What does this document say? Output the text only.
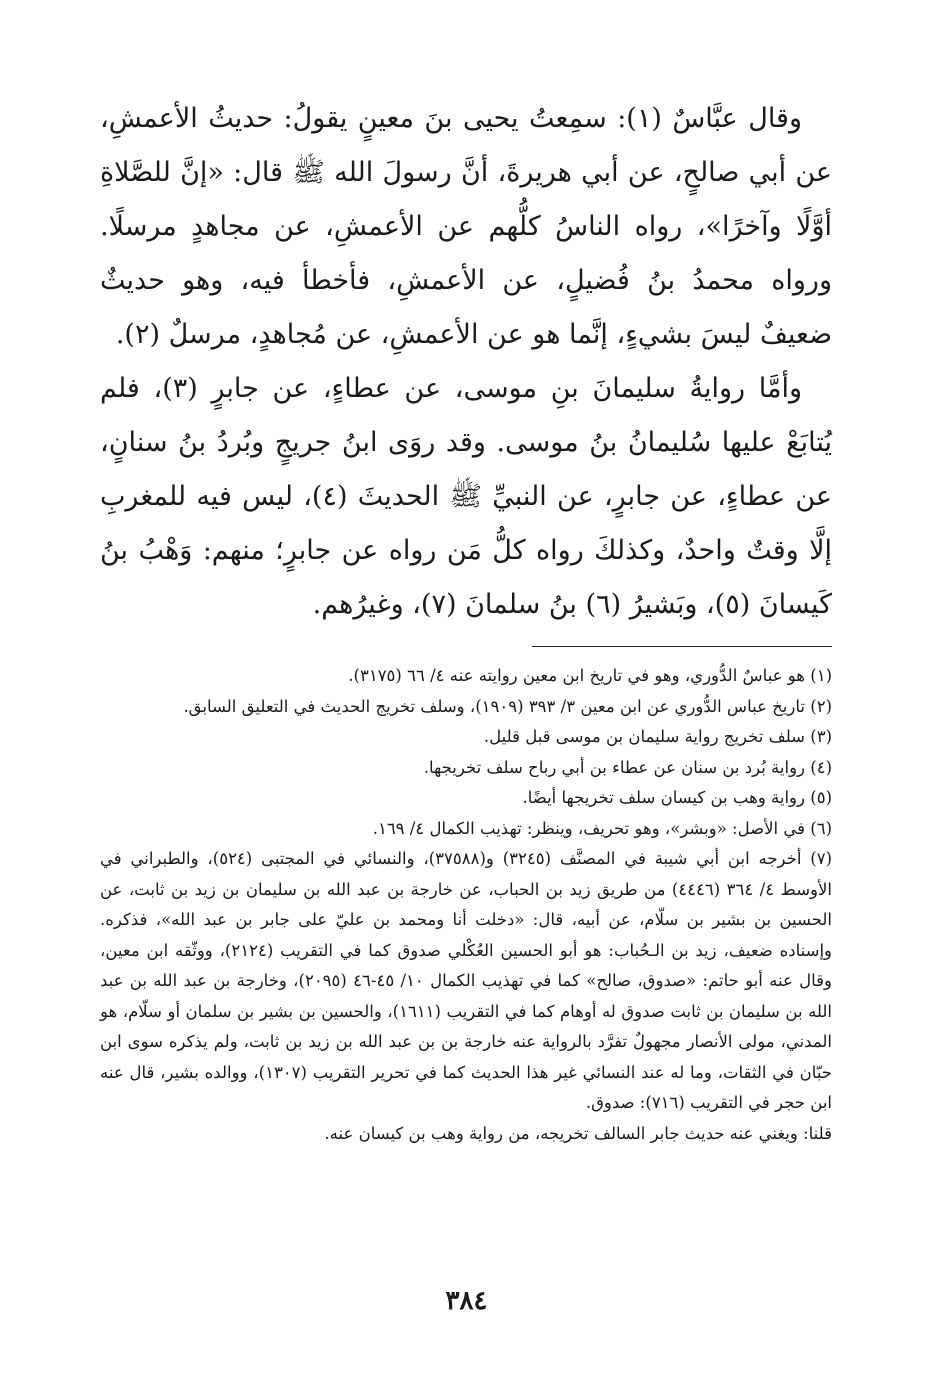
وقال عبَّاسٌ (١): سمِعتُ يحيى بنَ معينٍ يقولُ: حديثُ الأعمشِ، عن أبي صالحٍ، عن أبي هريرةَ، أنَّ رسولَ الله ﷺ قال: «إنَّ للصَّلاةِ أوَّلًا وآخرًا»، رواه الناسُ كلُّهم عن الأعمشِ، عن مجاهدٍ مرسلًا. ورواه محمدُ بنُ فُضيلٍ، عن الأعمشِ، فأخطأ فيه، وهو حديثٌ ضعيفٌ ليسَ بشيءٍ، إنَّما هو عن الأعمشِ، عن مُجاهدٍ، مرسلٌ (٢).

وأمَّا روايةُ سليمانَ بنِ موسى، عن عطاءٍ، عن جابرٍ (٣)، فلم يُتابَعْ عليها سُليمانُ بنُ موسى. وقد روَى ابنُ جريجٍ وبُردُ بنُ سنانٍ، عن عطاءٍ، عن جابرٍ، عن النبيِّ ﷺ الحديثَ (٤)، ليس فيه للمغربِ إلَّا وقتٌ واحدٌ، وكذلكَ رواه كلُّ مَن رواه عن جابرٍ؛ منهم: وَهْبُ بنُ كَيسانَ (٥)، وبَشيرُ (٦) بنُ سلمانَ (٧)، وغيرُهم.

(١) هو عباسٌ الدُّوري، وهو في تاريخ ابن معين روايته عنه ٤/ ٦٦ (٣١٧٥).

(٢) تاريخ عباس الدُّوري عن ابن معين ٣/ ٣٩٣ (١٩٠٩)، وسلف تخريج الحديث في التعليق السابق.

(٣) سلف تخريج رواية سليمان بن موسى قبل قليل.

(٤) رواية بُرد بن سنان عن عطاء بن أبي رباح سلف تخريجها.

(٥) رواية وهب بن كيسان سلف تخريجها أيضًا.

(٦) في الأصل: «وبشر»، وهو تحريف، وينظر: تهذيب الكمال ٤/ ١٦٩.

(٧) أخرجه ابن أبي شيبة في المصنَّف (٣٢٤٥) و(٣٧٥٨٨)، والنسائي في المجتبى (٥٢٤)، والطبراني في الأوسط ٤/ ٣٦٤ (٤٤٤٦) من طريق زيد بن الحباب، عن خارجة بن عبد الله بن سليمان بن زيد بن ثابت، عن الحسين بن بشير بن سلّام، عن أبيه، قال: «دخلت أنا ومحمد بن عليّ على جابر بن عبد الله»، فذكره. وإسناده ضعيف، زيد بن الـحُباب: هو أبو الحسين العُكْلي صدوق كما في التقريب (٢١٢٤)، ووثّقه ابن معين، وقال عنه أبو حاتم: «صدوق، صالح» كما في تهذيب الكمال ١٠/ ٤٥-٤٦ (٢٠٩٥)، وخارجة بن عبد الله بن عبد الله بن سليمان بن ثابت صدوق له أوهام كما في التقريب (١٦١١)، والحسين بن بشير بن سلمان أو سلّام، هو المدني، مولى الأنصار مجهولٌ تفرَّد بالرواية عنه خارجة بن بن عبد الله بن زيد بن ثابت، ولم يذكره سوى ابن حبّان في الثقات، وما له عند النسائي غير هذا الحديث كما في تحرير التقريب (١٣٠٧)، ووالده بشير، قال عنه ابن حجر في التقريب (٧١٦): صدوق.

قلنا: ويغني عنه حديث جابر السالف تخريجه، من رواية وهب بن كيسان عنه.

٣٨٤
